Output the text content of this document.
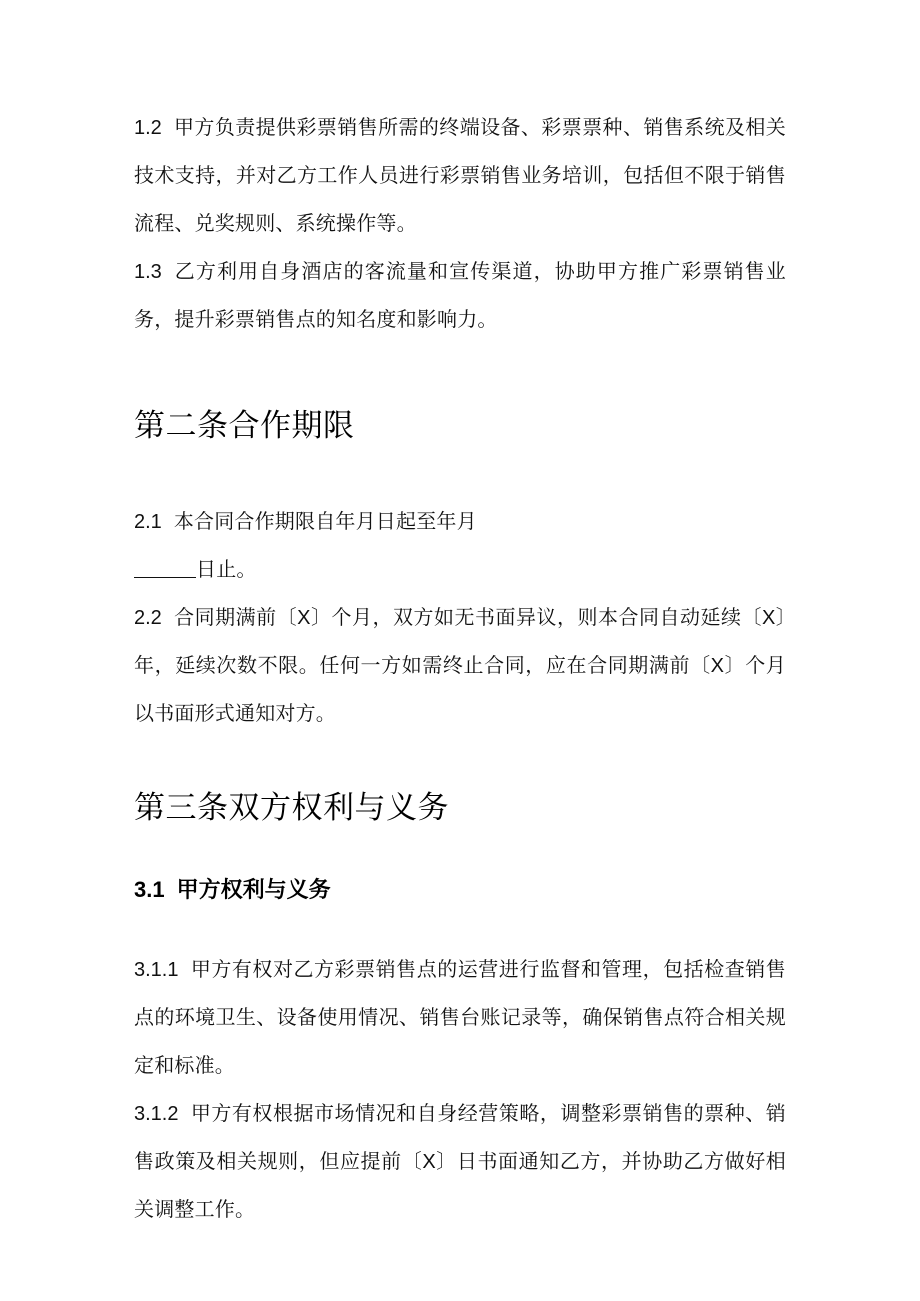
1.2 甲方负责提供彩票销售所需的终端设备、彩票票种、销售系统及相关技术支持，并对乙方工作人员进行彩票销售业务培训，包括但不限于销售流程、兑奖规则、系统操作等。

1.3 乙方利用自身酒店的客流量和宣传渠道，协助甲方推广彩票销售业务，提升彩票销售点的知名度和影响力。

第二条合作期限

2.1 本合同合作期限自年月日起至年月

日止。

2.2 合同期满前〔X〕个月，双方如无书面异议，则本合同自动延续〔X〕年，延续次数不限。任何一方如需终止合同，应在合同期满前〔X〕个月以书面形式通知对方。

第三条双方权利与义务
3.1 甲方权利与义务

3.1.1 甲方有权对乙方彩票销售点的运营进行监督和管理，包括检查销售点的环境卫生、设备使用情况、销售台账记录等，确保销售点符合相关规定和标准。

3.1.2 甲方有权根据市场情况和自身经营策略，调整彩票销售的票种、销售政策及相关规则，但应提前〔X〕日书面通知乙方，并协助乙方做好相关调整工作。
